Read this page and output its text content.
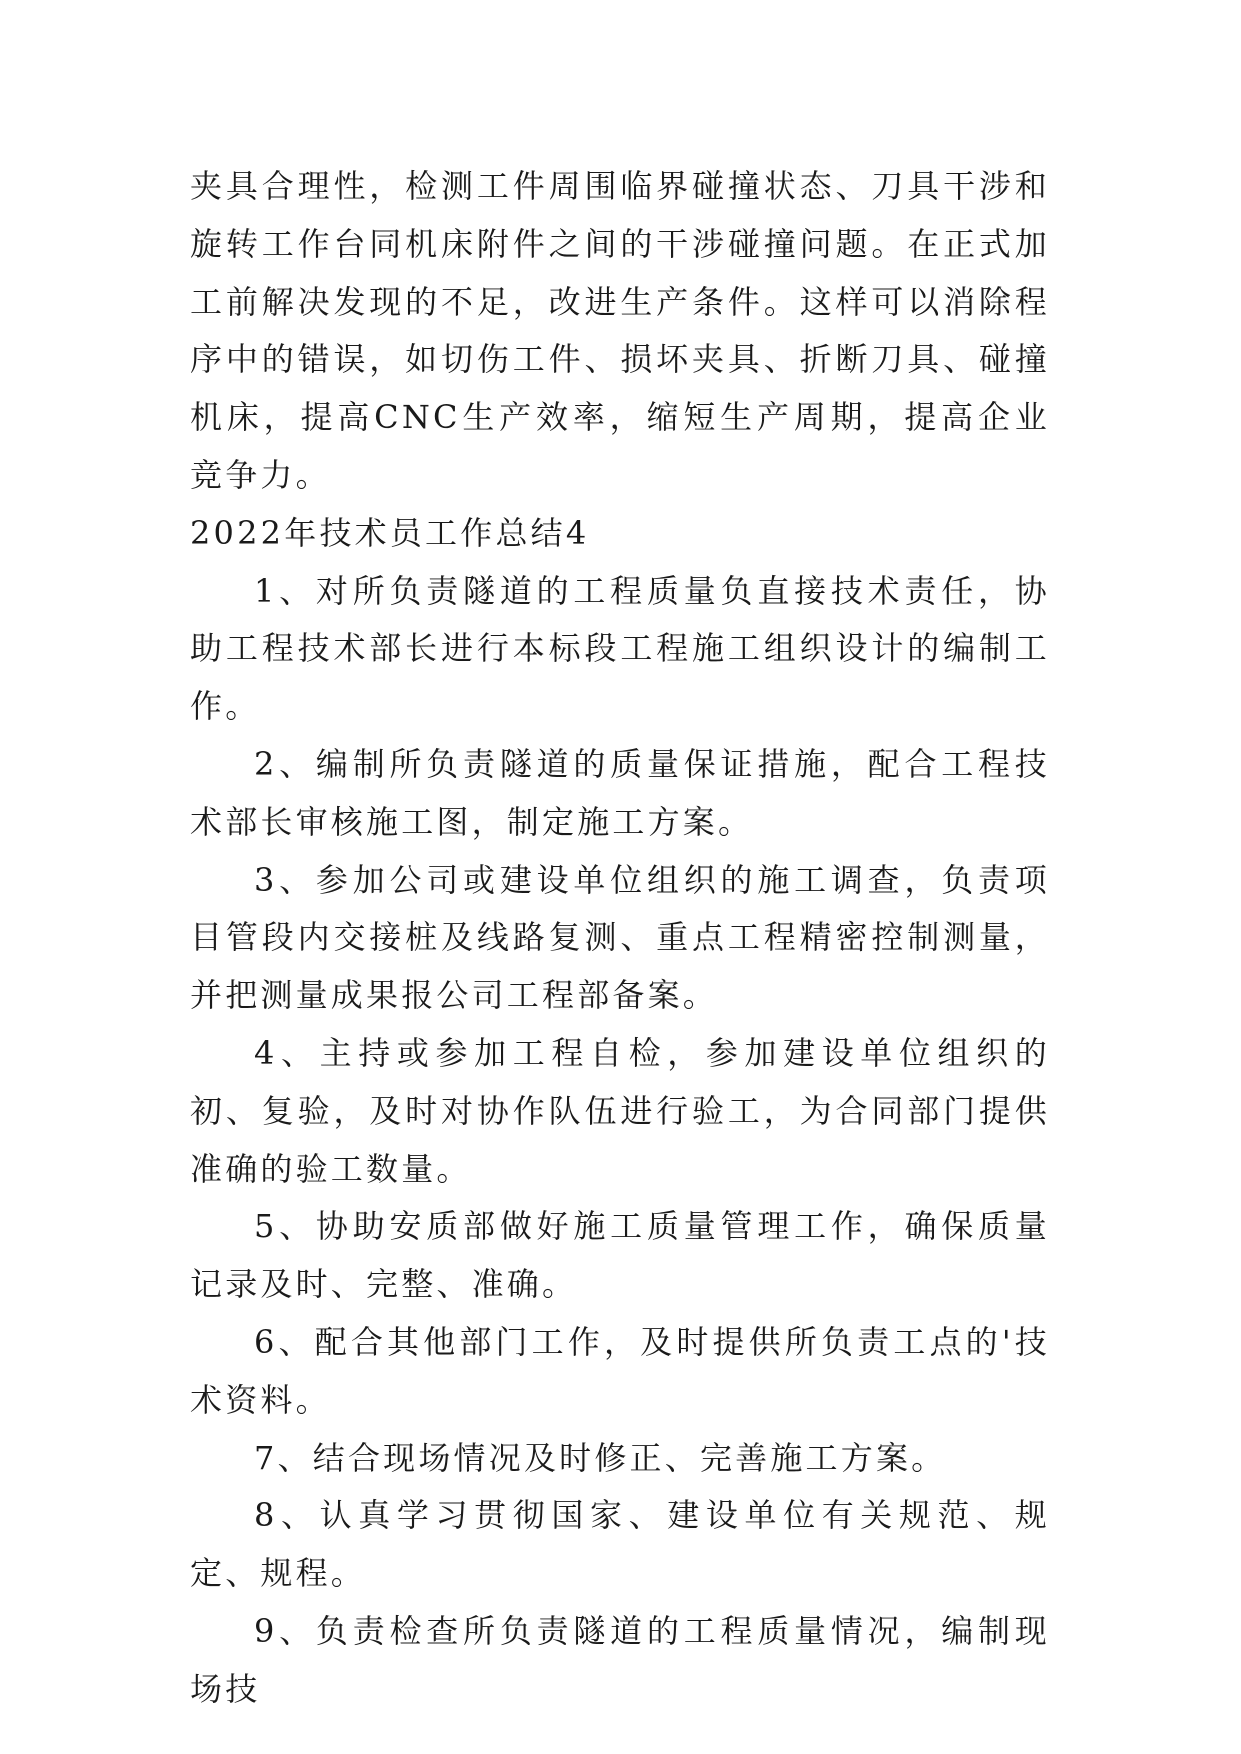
夹具合理性，检测工件周围临界碰撞状态、刀具干涉和旋转工作台同机床附件之间的干涉碰撞问题。在正式加工前解决发现的不足，改进生产条件。这样可以消除程序中的错误，如切伤工件、损坏夹具、折断刀具、碰撞机床，提高CNC生产效率，缩短生产周期，提高企业竞争力。

2022年技术员工作总结4

1、对所负责隧道的工程质量负直接技术责任，协助工程技术部长进行本标段工程施工组织设计的编制工作。

2、编制所负责隧道的质量保证措施，配合工程技术部长审核施工图，制定施工方案。

3、参加公司或建设单位组织的施工调查，负责项目管段内交接桩及线路复测、重点工程精密控制测量，并把测量成果报公司工程部备案。

4、主持或参加工程自检，参加建设单位组织的初、复验，及时对协作队伍进行验工，为合同部门提供准确的验工数量。

5、协助安质部做好施工质量管理工作，确保质量记录及时、完整、准确。

6、配合其他部门工作，及时提供所负责工点的'技术资料。

7、结合现场情况及时修正、完善施工方案。

8、认真学习贯彻国家、建设单位有关规范、规定、规程。

9、负责检查所负责隧道的工程质量情况，编制现场技
